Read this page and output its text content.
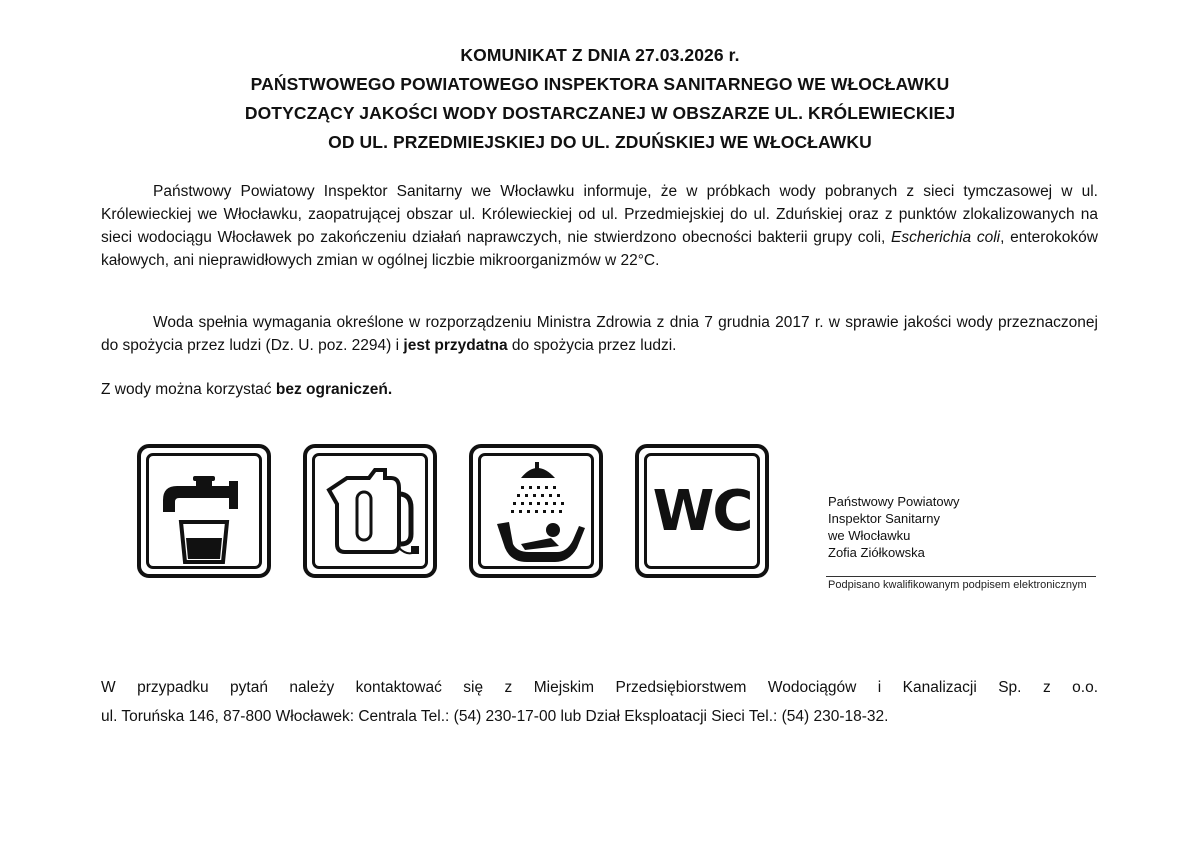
KOMUNIKAT Z DNIA 27.03.2026 r.
PAŃSTWOWEGO POWIATOWEGO INSPEKTORA SANITARNEGO WE WŁOCŁAWKU
DOTYCZĄCY JAKOŚCI WODY DOSTARCZANEJ W OBSZARZE UL. KRÓLEWIECKIEJ
OD UL. PRZEDMIEJSKIEJ DO UL. ZDUŃSKIEJ WE WŁOCŁAWKU
Państwowy Powiatowy Inspektor Sanitarny we Włocławku informuje, że w próbkach wody pobranych z sieci tymczasowej w ul. Królewieckiej we Włocławku, zaopatrującej obszar ul. Królewieckiej od ul. Przedmiejskiej do ul. Zduńskiej oraz z punktów zlokalizowanych na sieci wodociągu Włocławek po zakończeniu działań naprawczych, nie stwierdzono obecności bakterii grupy coli, Escherichia coli, enterokoków kałowych, ani nieprawidłowych zmian w ogólnej liczbie mikroorganizmów w 22°C.
Woda spełnia wymagania określone w rozporządzeniu Ministra Zdrowia z dnia 7 grudnia 2017 r. w sprawie jakości wody przeznaczonej do spożycia przez ludzi (Dz. U. poz. 2294) i jest przydatna do spożycia przez ludzi.
Z wody można korzystać bez ograniczeń.
WC	Państwowy Powiatowy
Inspektor Sanitarny
we Włocławku
Zofia Ziółkowska
Podpisano kwalifikowanym podpisem elektronicznym
W przypadku pytań należy kontaktować się z Miejskim Przedsiębiorstwem Wodociągów i Kanalizacji Sp. z o.o.
ul. Toruńska 146, 87-800 Włocławek: Centrala Tel.: (54) 230-17-00 lub Dział Eksploatacji Sieci Tel.: (54) 230-18-32.
